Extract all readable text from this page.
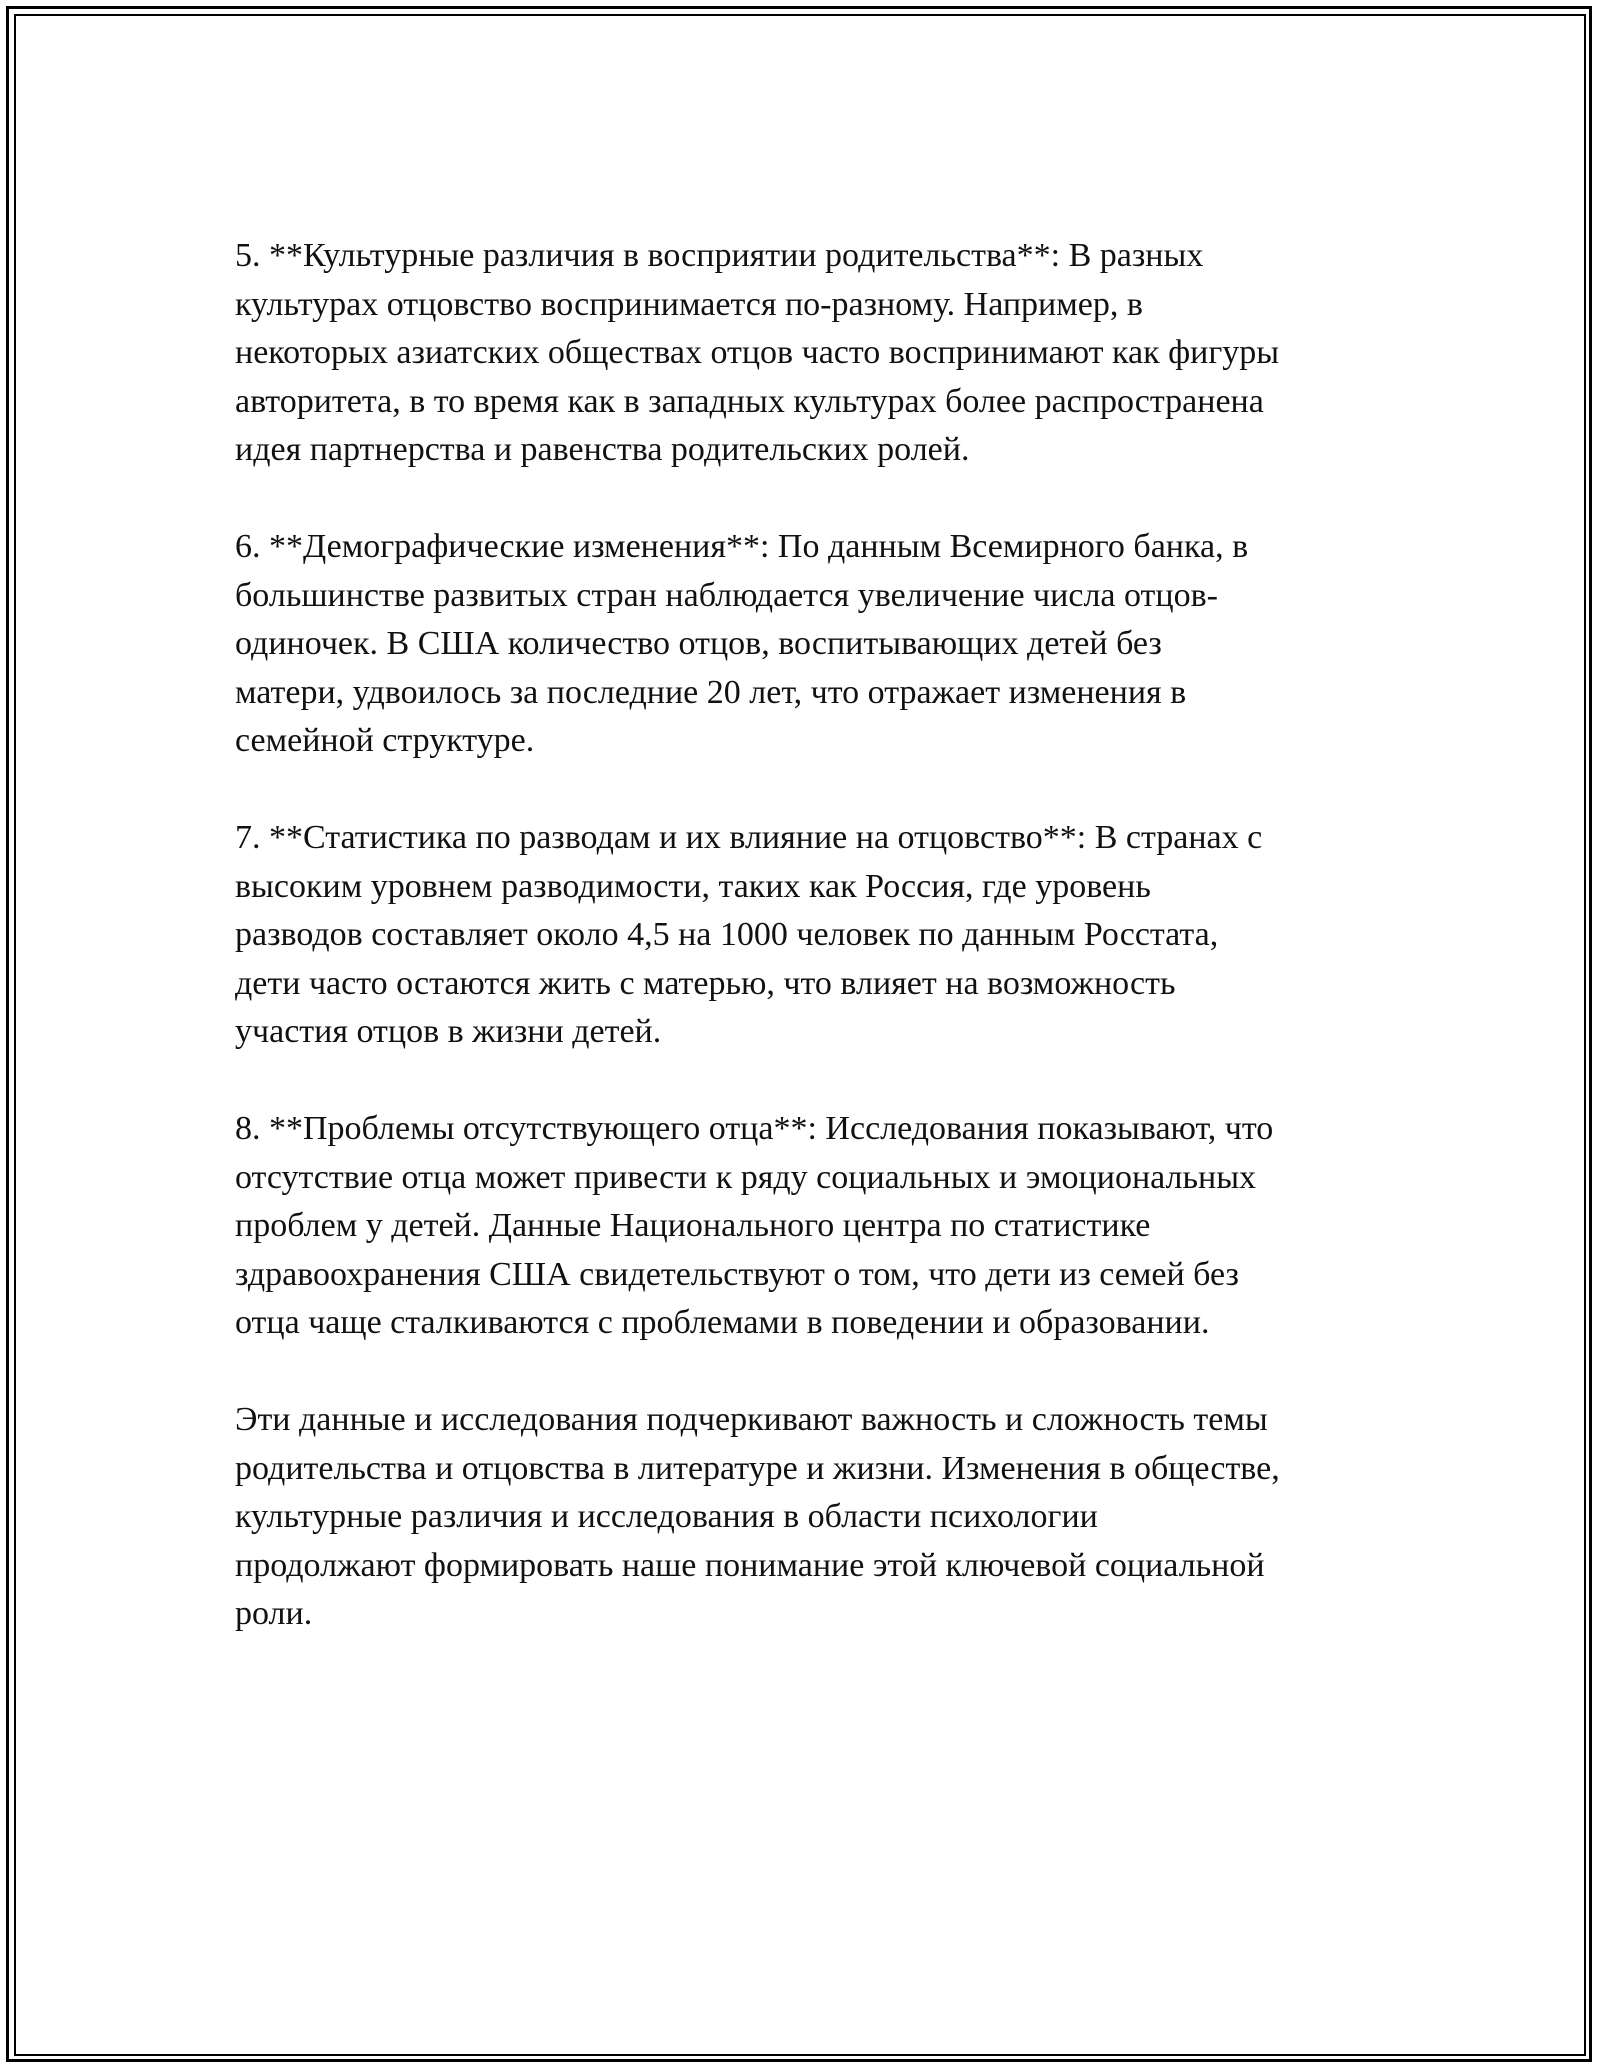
5. **Культурные различия в восприятии родительства**: В разных
культурах отцовство воспринимается по-разному. Например, в
некоторых азиатских обществах отцов часто воспринимают как фигуры
авторитета, в то время как в западных культурах более распространена
идея партнерства и равенства родительских ролей.

6. **Демографические изменения**: По данным Всемирного банка, в
большинстве развитых стран наблюдается увеличение числа отцов-
одиночек. В США количество отцов, воспитывающих детей без
матери, удвоилось за последние 20 лет, что отражает изменения в
семейной структуре.

7. **Статистика по разводам и их влияние на отцовство**: В странах с
высоким уровнем разводимости, таких как Россия, где уровень
разводов составляет около 4,5 на 1000 человек по данным Росстата,
дети часто остаются жить с матерью, что влияет на возможность
участия отцов в жизни детей.

8. **Проблемы отсутствующего отца**: Исследования показывают, что
отсутствие отца может привести к ряду социальных и эмоциональных
проблем у детей. Данные Национального центра по статистике
здравоохранения США свидетельствуют о том, что дети из семей без
отца чаще сталкиваются с проблемами в поведении и образовании.

Эти данные и исследования подчеркивают важность и сложность темы
родительства и отцовства в литературе и жизни. Изменения в обществе,
культурные различия и исследования в области психологии
продолжают формировать наше понимание этой ключевой социальной
роли.
